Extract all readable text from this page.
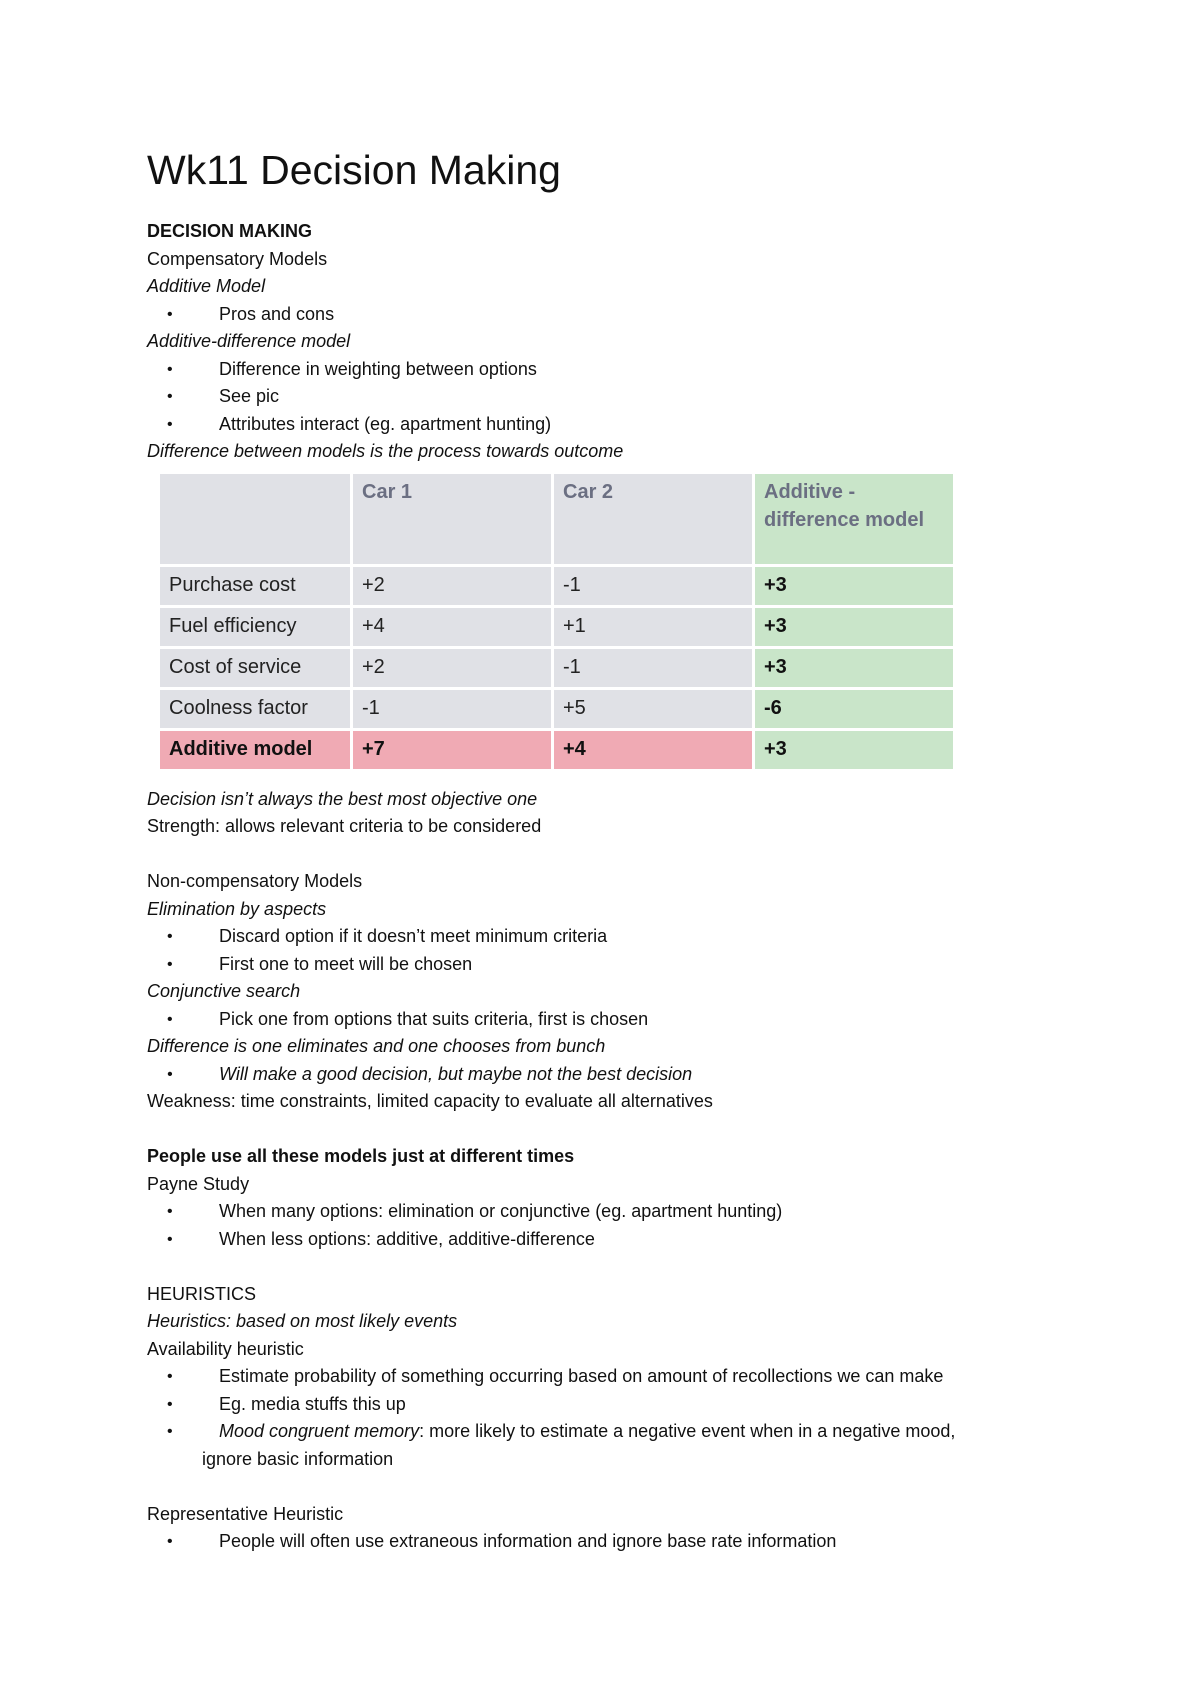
Wk11 Decision Making
DECISION MAKING
Compensatory Models
Additive Model
•	Pros and cons
Additive-difference model
•	Difference in weighting between options
•	See pic
•	Attributes interact (eg. apartment hunting)
Difference between models is the process towards outcome
	Car 1	Car 2	Additive - difference model
Purchase cost	+2	-1	+3
Fuel efficiency	+4	+1	+3
Cost of service	+2	-1	+3
Coolness factor	-1	+5	-6
Additive model	+7	+4	+3
Decision isn’t always the best most objective one
Strength: allows relevant criteria to be considered
Non-compensatory Models
Elimination by aspects
•	Discard option if it doesn’t meet minimum criteria
•	First one to meet will be chosen
Conjunctive search
•	Pick one from options that suits criteria, first is chosen
Difference is one eliminates and one chooses from bunch
•	Will make a good decision, but maybe not the best decision
Weakness: time constraints, limited capacity to evaluate all alternatives
People use all these models just at different times
Payne Study
•	When many options: elimination or conjunctive (eg. apartment hunting)
•	When less options: additive, additive-difference
HEURISTICS
Heuristics: based on most likely events
Availability heuristic
•	Estimate probability of something occurring based on amount of recollections we can make
•	Eg. media stuffs this up
•	Mood congruent memory: more likely to estimate a negative event when in a negative mood,
ignore basic information
Representative Heuristic
•	People will often use extraneous information and ignore base rate information
